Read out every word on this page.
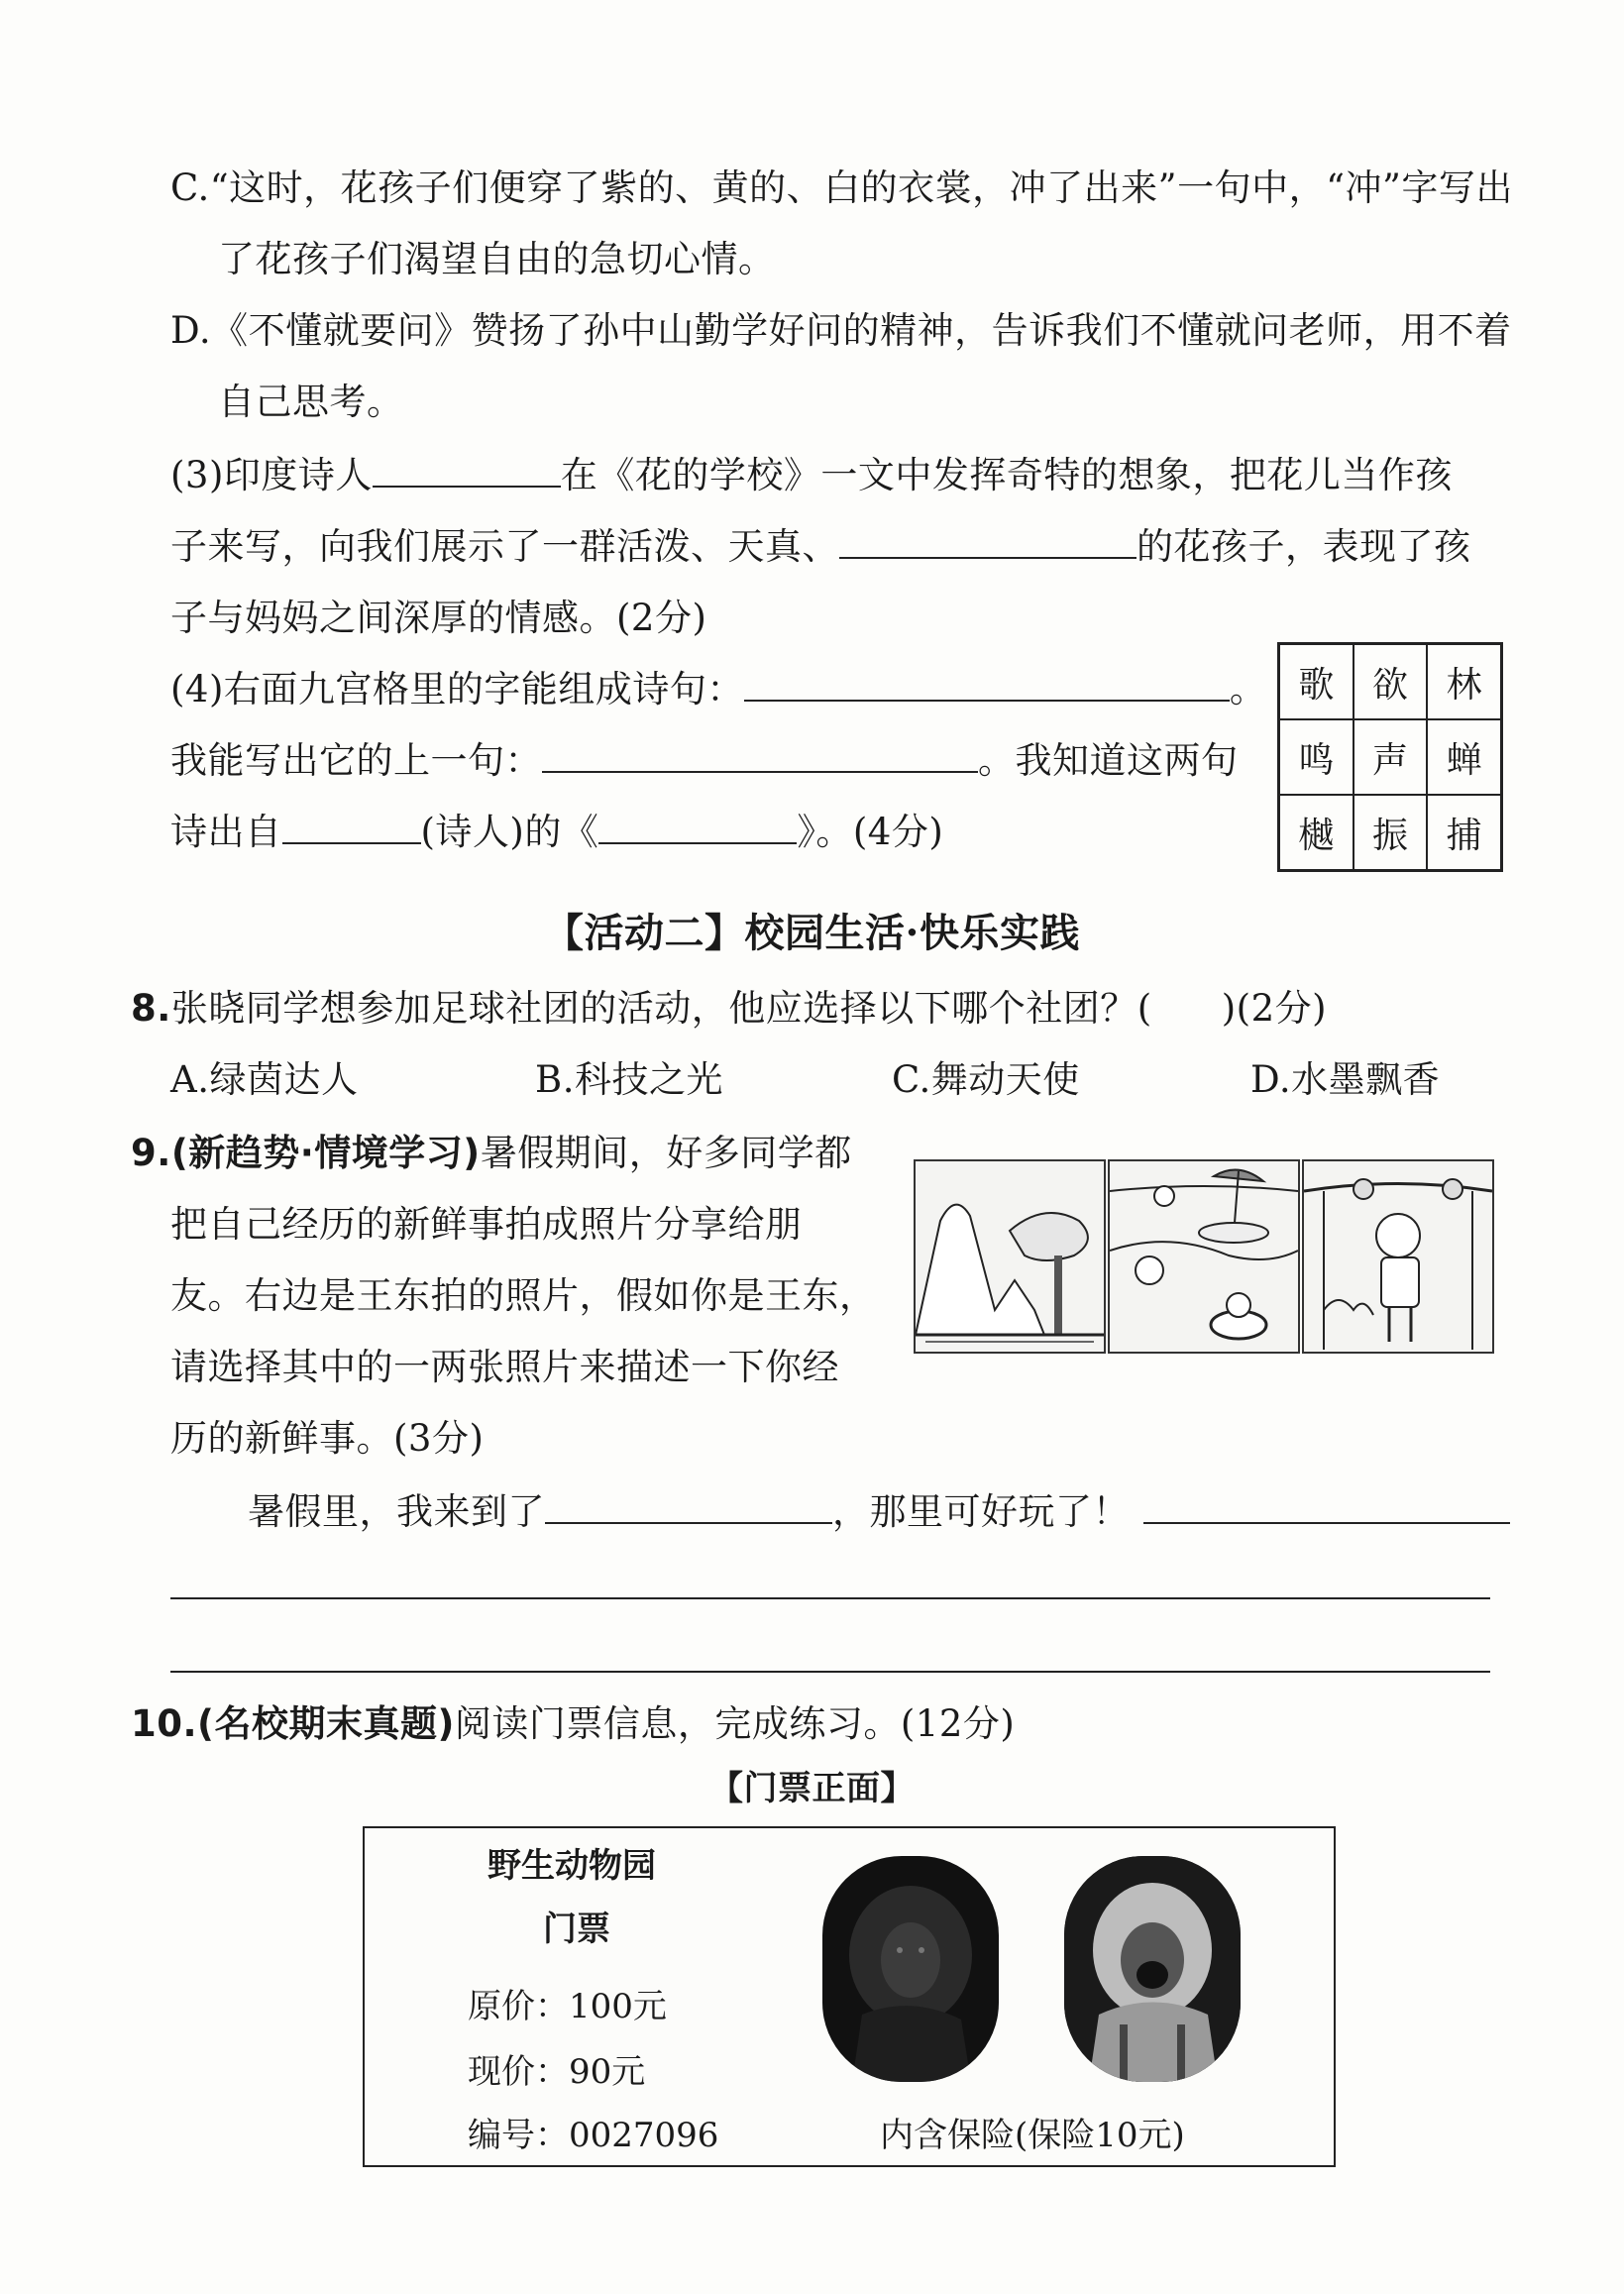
C.“这时，花孩子们便穿了紫的、黄的、白的衣裳，冲了出来”一句中，“冲”字写出
了花孩子们渴望自由的急切心情。
D.《不懂就要问》赞扬了孙中山勤学好问的精神，告诉我们不懂就问老师，用不着
自己思考。
(3)印度诗人	在《花的学校》一文中发挥奇特的想象，把花儿当作孩
子来写，向我们展示了一群活泼、天真、	的花孩子，表现了孩
子与妈妈之间深厚的情感。(2分)
(4)右面九宫格里的字能组成诗句：	。
我能写出它的上一句：	。我知道这两句
诗出自	(诗人)的《	》。(4分)
歌	欲	林
鸣	声	蝉
樾	振	捕
【活动二】校园生活·快乐实践
8.张晓同学想参加足球社团的活动，他应选择以下哪个社团？( )(2分)
A.绿茵达人	B.科技之光	C.舞动天使	D.水墨飘香
9.(新趋势·情境学习)暑假期间，好多同学都
把自己经历的新鲜事拍成照片分享给朋
友。右边是王东拍的照片，假如你是王东，
请选择其中的一两张照片来描述一下你经
历的新鲜事。(3分)
暑假里，我来到了	，那里可好玩了！
10.(名校期末真题)阅读门票信息，完成练习。(12分)
【门票正面】
野生动物园
门票
原价：100元
现价：90元
编号：0027096	内含保险(保险10元)
